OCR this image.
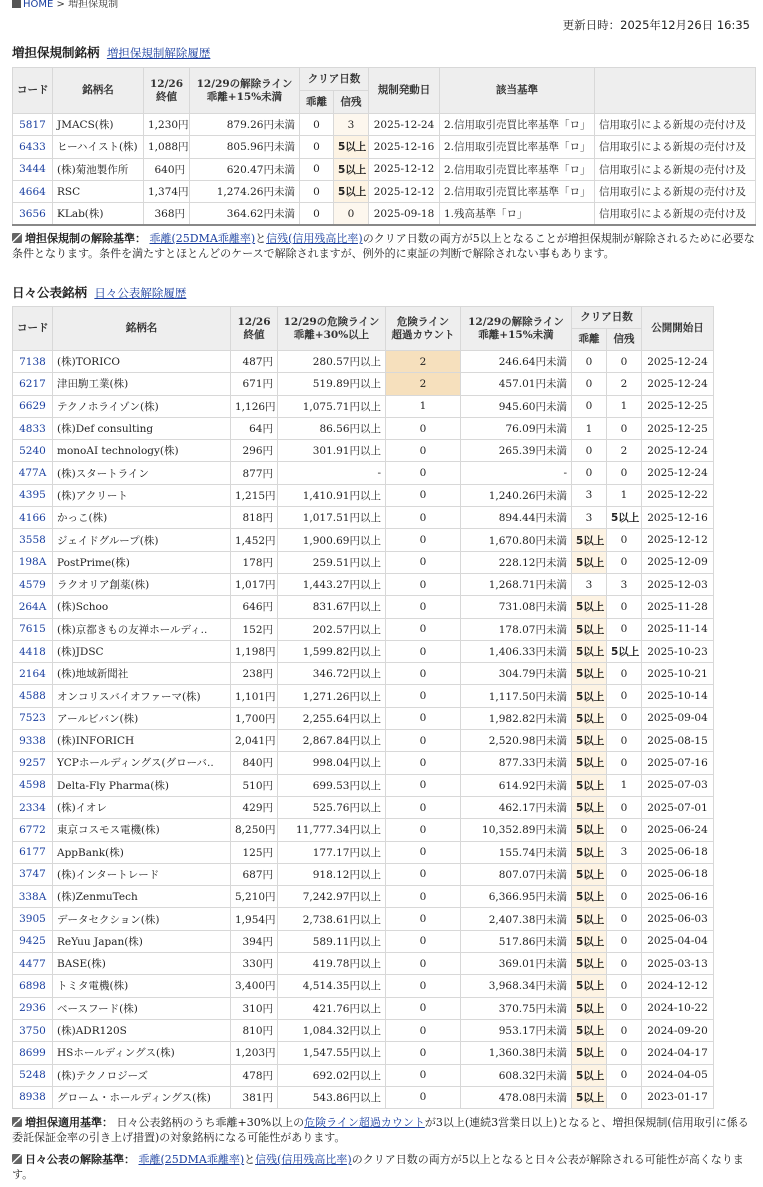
HOME > 増担保規制
更新日時：2025年12月26日 16:35
増担保規制銘柄 増担保規制解除履歴
コード	銘柄名	12/26
終値	12/29の解除ライン
乖離+15%未満	クリア日数		規制発動日	該当基準	
				乖離	信残			
5817	JMACS(株)	1,230円	879.26円未満	0	3	2025-12-24	2.信用取引売買比率基準「ロ」	信用取引による新規の売付け及
6433	ヒーハイスト(株)	1,088円	805.96円未満	0	5以上	2025-12-16	2.信用取引売買比率基準「ロ」	信用取引による新規の売付け及
3444	(株)菊池製作所	640円	620.47円未満	0	5以上	2025-12-12	2.信用取引売買比率基準「ロ」	信用取引による新規の売付け及
4664	RSC	1,374円	1,274.26円未満	0	5以上	2025-12-12	2.信用取引売買比率基準「ロ」	信用取引による新規の売付け及
3656	KLab(株)	368円	364.62円未満	0	0	2025-09-18	1.残高基準「ロ」	信用取引による新規の売付け及
増担保規制の解除基準： 乖離(25DMA乖離率)と信残(信用残高比率)のクリア日数の両方が5以上となることが増担保規制が解除されるために必要な条件となります。条件を満たすとほとんどのケースで解除されますが、例外的に東証の判断で解除されない事もあります。
日々公表銘柄 日々公表解除履歴
コード	銘柄名	12/26
終値	12/29の危険ライン
乖離+30%以上	危険ライン
超過カウント	12/29の解除ライン
乖離+15%未満	クリア日数		公開開始日
						乖離	信残	
7138	(株)TORICO	487円	280.57円以上	2	246.64円未満	0	0	2025-12-24
6217	津田駒工業(株)	671円	519.89円以上	2	457.01円未満	0	2	2025-12-24
6629	テクノホライゾン(株)	1,126円	1,075.71円以上	1	945.60円未満	0	1	2025-12-25
4833	(株)Def consulting	64円	86.56円以上	0	76.09円未満	1	0	2025-12-25
5240	monoAI technology(株)	296円	301.91円以上	0	265.39円未満	0	2	2025-12-24
477A	(株)スタートライン	877円	-	0	-	0	0	2025-12-24
4395	(株)アクリート	1,215円	1,410.91円以上	0	1,240.26円未満	3	1	2025-12-22
4166	かっこ(株)	818円	1,017.51円以上	0	894.44円未満	3	5以上	2025-12-16
3558	ジェイドグループ(株)	1,452円	1,900.69円以上	0	1,670.80円未満	5以上	0	2025-12-12
198A	PostPrime(株)	178円	259.51円以上	0	228.12円未満	5以上	0	2025-12-09
4579	ラクオリア創薬(株)	1,017円	1,443.27円以上	0	1,268.71円未満	3	3	2025-12-03
264A	(株)Schoo	646円	831.67円以上	0	731.08円未満	5以上	0	2025-11-28
7615	(株)京都きもの友禅ホールディ..	152円	202.57円以上	0	178.07円未満	5以上	0	2025-11-14
4418	(株)JDSC	1,198円	1,599.82円以上	0	1,406.33円未満	5以上	5以上	2025-10-23
2164	(株)地域新聞社	238円	346.72円以上	0	304.79円未満	5以上	0	2025-10-21
4588	オンコリスバイオファーマ(株)	1,101円	1,271.26円以上	0	1,117.50円未満	5以上	0	2025-10-14
7523	アールビバン(株)	1,700円	2,255.64円以上	0	1,982.82円未満	5以上	0	2025-09-04
9338	(株)INFORICH	2,041円	2,867.84円以上	0	2,520.98円未満	5以上	0	2025-08-15
9257	YCPホールディングス(グローバ..	840円	998.04円以上	0	877.33円未満	5以上	0	2025-07-16
4598	Delta-Fly Pharma(株)	510円	699.53円以上	0	614.92円未満	5以上	1	2025-07-03
2334	(株)イオレ	429円	525.76円以上	0	462.17円未満	5以上	0	2025-07-01
6772	東京コスモス電機(株)	8,250円	11,777.34円以上	0	10,352.89円未満	5以上	0	2025-06-24
6177	AppBank(株)	125円	177.17円以上	0	155.74円未満	5以上	3	2025-06-18
3747	(株)インタートレード	687円	918.12円以上	0	807.07円未満	5以上	0	2025-06-18
338A	(株)ZenmuTech	5,210円	7,242.97円以上	0	6,366.95円未満	5以上	0	2025-06-16
3905	データセクション(株)	1,954円	2,738.61円以上	0	2,407.38円未満	5以上	0	2025-06-03
9425	ReYuu Japan(株)	394円	589.11円以上	0	517.86円未満	5以上	0	2025-04-04
4477	BASE(株)	330円	419.78円以上	0	369.01円未満	5以上	0	2025-03-13
6898	トミタ電機(株)	3,400円	4,514.35円以上	0	3,968.34円未満	5以上	0	2024-12-12
2936	ベースフード(株)	310円	421.76円以上	0	370.75円未満	5以上	0	2024-10-22
3750	(株)ADR120S	810円	1,084.32円以上	0	953.17円未満	5以上	0	2024-09-20
8699	HSホールディングス(株)	1,203円	1,547.55円以上	0	1,360.38円未満	5以上	0	2024-04-17
5248	(株)テクノロジーズ	478円	692.02円以上	0	608.32円未満	5以上	0	2024-04-05
8938	グローム・ホールディングス(株)	381円	543.86円以上	0	478.08円未満	5以上	0	2023-01-17
増担保適用基準： 日々公表銘柄のうち乖離+30%以上の危険ライン超過カウントが3以上(連続3営業日以上)となると、増担保規制(信用取引に係る委託保証金率の引き上げ措置)の対象銘柄になる可能性があります。
日々公表の解除基準： 乖離(25DMA乖離率)と信残(信用残高比率)のクリア日数の両方が5以上となると日々公表が解除される可能性が高くなります。
